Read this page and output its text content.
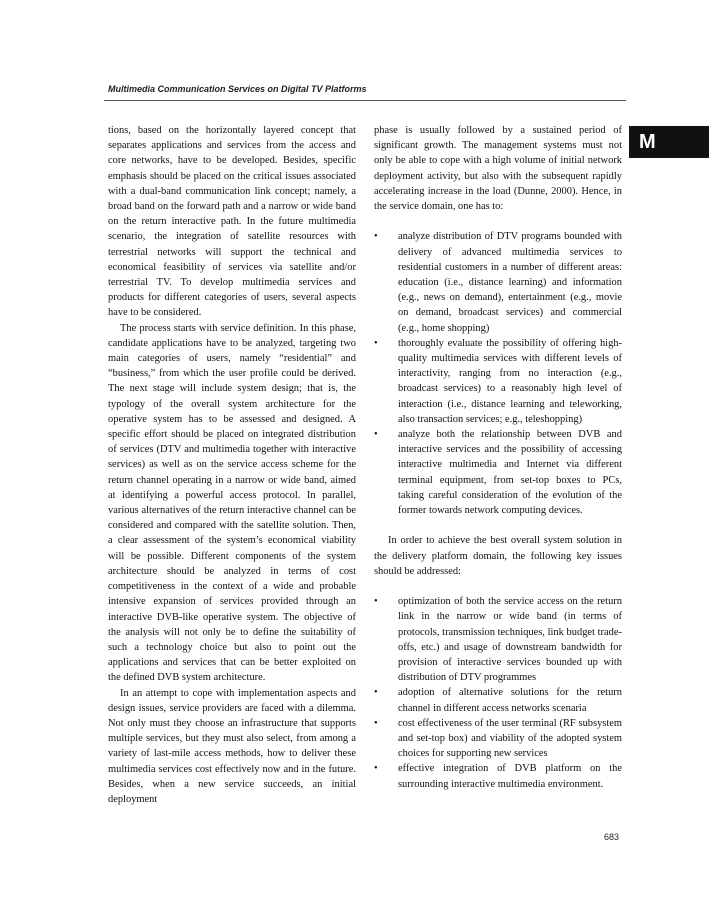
Multimedia Communication Services on Digital TV Platforms
M

tions, based on the horizontally layered concept that separates applications and services from the access and core networks, have to be developed. Besides, specific emphasis should be placed on the critical issues associated with a dual-band communication link concept; namely, a broad band on the forward path and a narrow or wide band on the return interactive path. In the future multimedia scenario, the integration of satellite resources with terrestrial networks will support the technical and economical feasibility of services via satellite and/or terrestrial TV. To develop multimedia services and products for different categories of users, several aspects have to be considered.

The process starts with service definition. In this phase, candidate applications have to be analyzed, targeting two main categories of users, namely “residential” and “business,” from which the user profile could be derived. The next stage will include system design; that is, the typology of the overall system architecture for the operative system has to be assessed and designed. A specific effort should be placed on integrated distribution of services (DTV and multimedia together with interactive services) as well as on the service access scheme for the return channel operating in a narrow or wide band, aimed at identifying a powerful access protocol. In parallel, various alternatives of the return interactive channel can be considered and compared with the satellite solution. Then, a clear assessment of the system’s economical viability will be possible. Different components of the system architecture should be analyzed in terms of cost competitiveness in the context of a wide and probable intensive expansion of services provided through an interactive DVB-like operative system. The objective of the analysis will not only be to define the suitability of such a technology choice but also to point out the applications and services that can be better exploited on the defined DVB system architecture.

In an attempt to cope with implementation aspects and design issues, service providers are faced with a dilemma. Not only must they choose an infrastructure that supports multiple services, but they must also select, from among a variety of last-mile access methods, how to deliver these multimedia services cost effectively now and in the future. Besides, when a new service succeeds, an initial deployment

phase is usually followed by a sustained period of significant growth. The management systems must not only be able to cope with a high volume of initial network deployment activity, but also with the subsequent rapidly accelerating increase in the load (Dunne, 2000). Hence, in the service domain, one has to:

• analyze distribution of DTV programs bounded with delivery of advanced multimedia services to residential customers in a number of different areas: education (i.e., distance learning) and information (e.g., news on demand), entertainment (e.g., movie on demand, broadcast services) and commercial (e.g., home shopping)
• thoroughly evaluate the possibility of offering high-quality multimedia services with different levels of interactivity, ranging from no interaction (e.g., broadcast services) to a reasonably high level of interaction (i.e., distance learning and teleworking, also transaction services; e.g., teleshopping)
• analyze both the relationship between DVB and interactive services and the possibility of accessing interactive multimedia and Internet via different terminal equipment, from set-top boxes to PCs, taking careful consideration of the evolution of the former towards network computing devices.

In order to achieve the best overall system solution in the delivery platform domain, the following key issues should be addressed:

• optimization of both the service access on the return link in the narrow or wide band (in terms of protocols, transmission techniques, link budget trade-offs, etc.) and usage of downstream bandwidth for provision of interactive services bounded up with distribution of DTV programmes
• adoption of alternative solutions for the return channel in different access networks scenaria
• cost effectiveness of the user terminal (RF subsystem and set-top box) and viability of the adopted system choices for supporting new services
• effective integration of DVB platform on the surrounding interactive multimedia environment.
683
